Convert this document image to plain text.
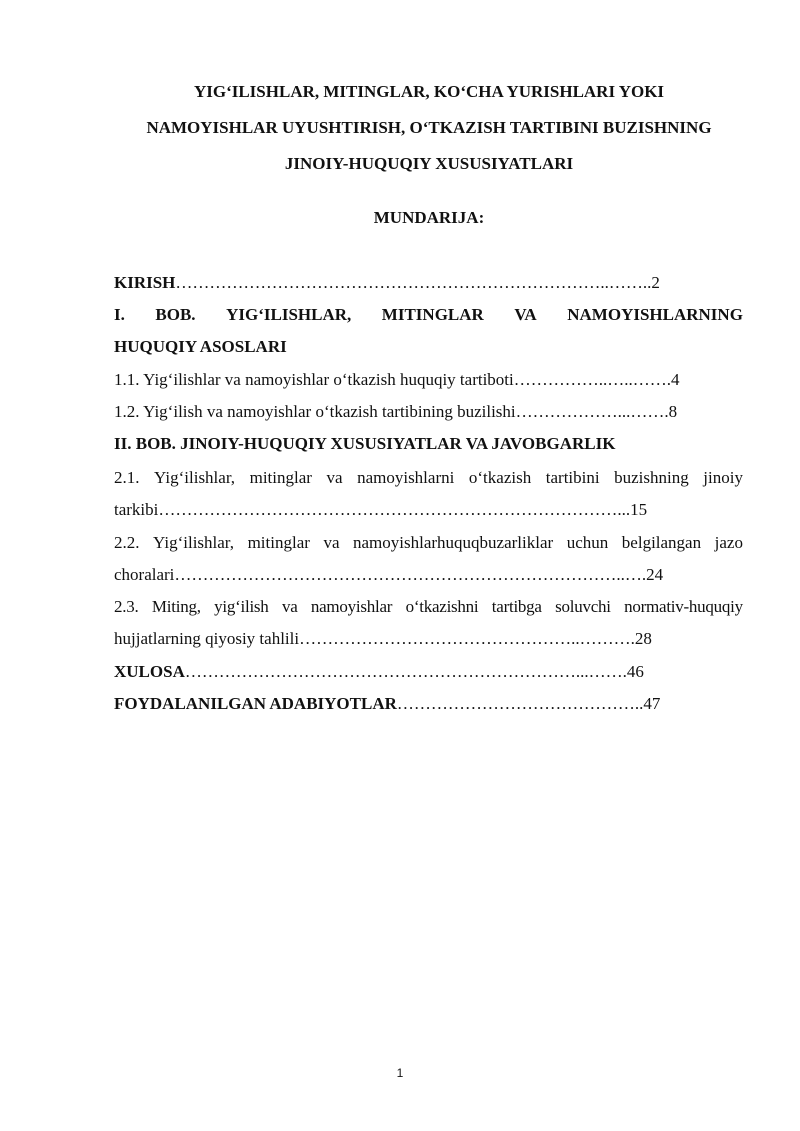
YIG‘ILISHLAR, MITINGLAR, KO‘CHA YURISHLARI YOKI
NAMOYISHLAR UYUSHTIRISH, O‘TKAZISH TARTIBINI BUZISHNING
JINOIY-HUQUQIY XUSUSIYATLARI
MUNDARIJA:
KIRISH…………………………………………………………………..……..2
I. BOB. YIG‘ILISHLAR, MITINGLAR VA NAMOYISHLARNING
HUQUQIY ASOSLARI
1.1. Yig‘ilishlar va namoyishlar o‘tkazish huquqiy tartiboti……………..…..…….4
1.2. Yig‘ilish va namoyishlar o‘tkazish tartibining buzilishi………………...…….8
II. BOB. JINOIY-HUQUQIY XUSUSIYATLAR VA JAVOBGARLIK
2.1. Yig‘ilishlar, mitinglar va namoyishlarni o‘tkazish tartibini buzishning jinoiy
tarkibi………………………………………………………………………...15
2.2. Yig‘ilishlar, mitinglar va namoyishlarhuquqbuzarliklar uchun belgilangan jazo
choralari……………………………………………………………………..….24
2.3. Miting, yig‘ilish va namoyishlar o‘tkazishni tartibga soluvchi normativ-huquqiy
hujjatlarning qiyosiy tahlili…………………………………………..……….28
XULOSA……………………………………………………………...…….46
FOYDALANILGAN ADABIYOTLAR……………………………………..47
1
